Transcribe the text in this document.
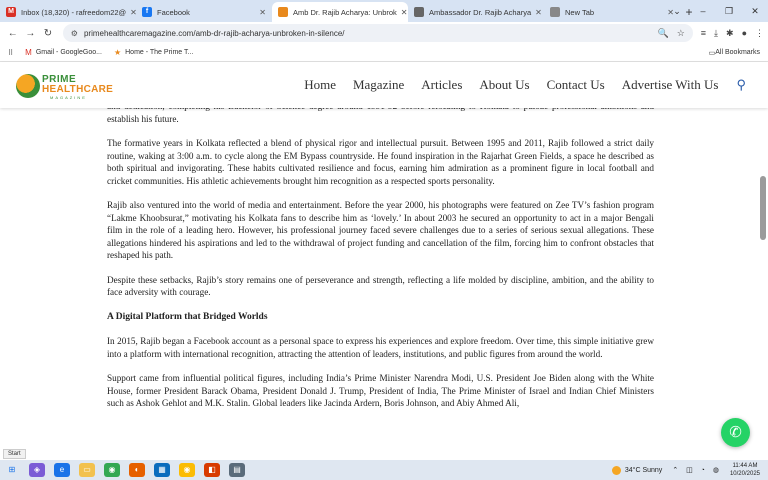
M Inbox (18,320) - rafreedom22@ ✕	f	Facebook	✕	Amb Dr. Rajib Acharya: Unbrok ✕	Ambassador Dr. Rajib Acharya ✕	New Tab	✕ +
⌄	–	❐	✕
← → ↻	⚙ primehealthcaremagazine.com/amb-dr-rajib-acharya-unbroken-in-silence/	🔍 ☆ ≡ ⤓ ✱ ● ⋮
⠿ M Gmail - GoogleGoo... ★ Home - The Prime T...	▭ All Bookmarks
PRIME
HEALTHCARE
MAGAZINE
Home Magazine Articles About Us Contact Us Advertise With Us ⚲

establish his future.

The formative years in Kolkata reflected a blend of physical rigor and intellectual pursuit. Between 1995 and 2011, Rajib followed a strict daily routine, waking at 3:00 a.m. to cycle along the EM Bypass countryside. He found inspiration in the Rajarhat Green Fields, a space he described as both spiritual and invigorating. These habits cultivated resilience and focus, earning him admiration as a prominent figure in local football and cricket communities. His athletic achievements brought him recognition as a respected sports personality.

Rajib also ventured into the world of media and entertainment. Before the year 2000, his photographs were featured on Zee TV’s fashion program “Lakme Khoobsurat,” motivating his Kolkata fans to describe him as ‘lovely.’ In about 2003 he secured an opportunity to act in a major Bengali film in the role of a leading hero. However, his professional journey faced severe challenges due to a series of serious sexual allegations. These allegations hindered his aspirations and led to the withdrawal of project funding and cancellation of the film, forcing him to confront obstacles that reshaped his path.

Despite these setbacks, Rajib’s story remains one of perseverance and strength, reflecting a life molded by discipline, ambition, and the ability to face adversity with courage.

A Digital Platform that Bridged Worlds

In 2015, Rajib began a Facebook account as a personal space to express his experiences and explore freedom. Over time, this simple initiative grew into a platform with international recognition, attracting the attention of leaders, institutions, and public figures from around the world.

Support came from influential political figures, including India’s Prime Minister Narendra Modi, U.S. President Joe Biden along with the White House, former President Barack Obama, President Donald J. Trump, President of India, The Prime Minister of Israel and Indian Chief Ministers such as Ashok Gehlot and M.K. Stalin. Global leaders like Jacinda Ardern, Boris Johnson, and Abiy Ahmed Ali,

✆
Start
⊞	◈	e	▭	◉	◐	▦	◉	◧	▤	34°C Sunny ⌃ ◫ ◔ ◍
11:44 AM
10/20/2025
